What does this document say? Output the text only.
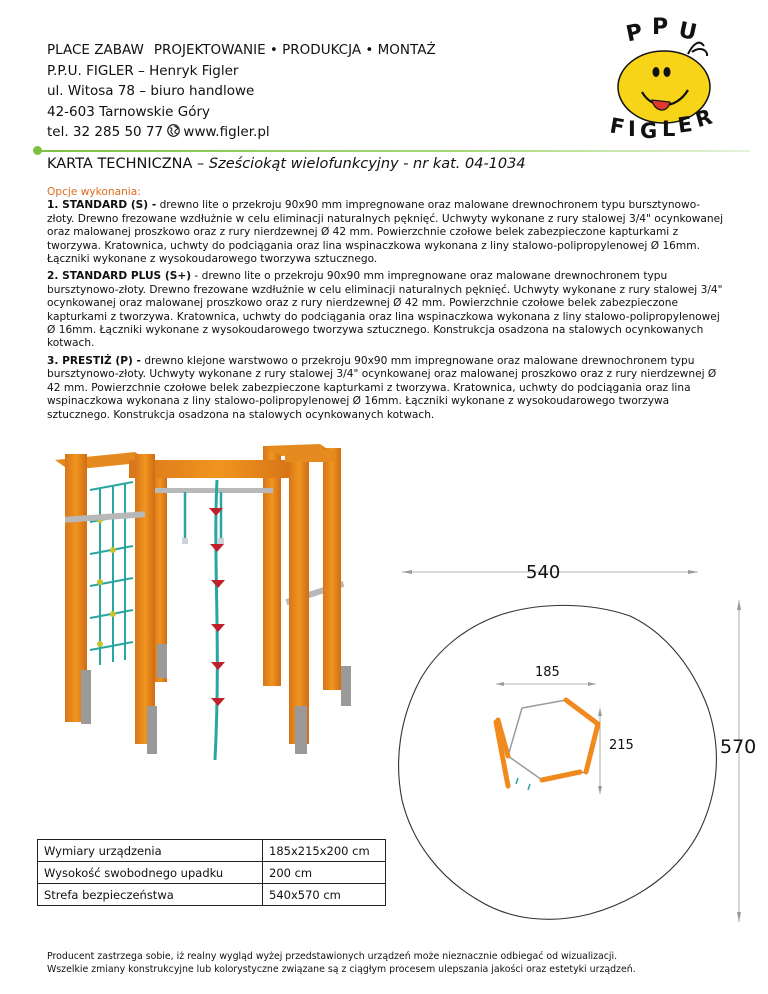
PLACE ZABAW PROJEKTOWANIE • PRODUKCJA • MONTAŻ
P.P.U. FIGLER – Henryk Figler
ul. Witosa 78 – biuro handlowe
42-603 Tarnowskie Góry
tel. 32 285 50 77 www.figler.pl
P P U
F I G L E
R
KARTA TECHNICZNA – Sześciokąt wielofunkcyjny - nr kat. 04-1034
Opcje wykonania:

1. STANDARD (S) - drewno lite o przekroju 90x90 mm impregnowane oraz malowane drewnochronem typu bursztynowo-złoty. Drewno frezowane wzdłużnie w celu eliminacji naturalnych pęknięć. Uchwyty wykonane z rury stalowej 3/4" ocynkowanej oraz malowanej proszkowo oraz z rury nierdzewnej Ø 42 mm. Powierzchnie czołowe belek zabezpieczone kapturkami z tworzywa. Kratownica, uchwty do podciągania oraz lina wspinaczkowa wykonana z liny stalowo-polipropylenowej Ø 16mm. Łączniki wykonane z wysokoudarowego tworzywa sztucznego.

2. STANDARD PLUS (S+) - drewno lite o przekroju 90x90 mm impregnowane oraz malowane drewnochronem typu bursztynowo-złoty. Drewno frezowane wzdłużnie w celu eliminacji naturalnych pęknięć. Uchwyty wykonane z rury stalowej 3/4" ocynkowanej oraz malowanej proszkowo oraz z rury nierdzewnej Ø 42 mm. Powierzchnie czołowe belek zabezpieczone kapturkami z tworzywa. Kratownica, uchwty do podciągania oraz lina wspinaczkowa wykonana z liny stalowo-polipropylenowej Ø 16mm. Łączniki wykonane z wysokoudarowego tworzywa sztucznego. Konstrukcja osadzona na stalowych ocynkowanych kotwach.

3. PRESTIŻ (P) - drewno klejone warstwowo o przekroju 90x90 mm impregnowane oraz malowane drewnochronem typu bursztynowo-złoty. Uchwyty wykonane z rury stalowej 3/4" ocynkowanej oraz malowanej proszkowo oraz z rury nierdzewnej Ø 42 mm. Powierzchnie czołowe belek zabezpieczone kapturkami z tworzywa. Kratownica, uchwty do podciągania oraz lina wspinaczkowa wykonana z liny stalowo-polipropylenowej Ø 16mm. Łączniki wykonane z wysokoudarowego tworzywa sztucznego. Konstrukcja osadzona na stalowych ocynkowanych kotwach.

540
570
185
215
Wymiary urządzenia	185x215x200 cm
Wysokość swobodnego upadku	200 cm
Strefa bezpieczeństwa	540x570 cm
Producent zastrzega sobie, iż realny wygląd wyżej przedstawionych urządzeń może nieznacznie odbiegać od wizualizacji.
Wszelkie zmiany konstrukcyjne lub kolorystyczne związane są z ciągłym procesem ulepszania jakości oraz estetyki urządzeń.
